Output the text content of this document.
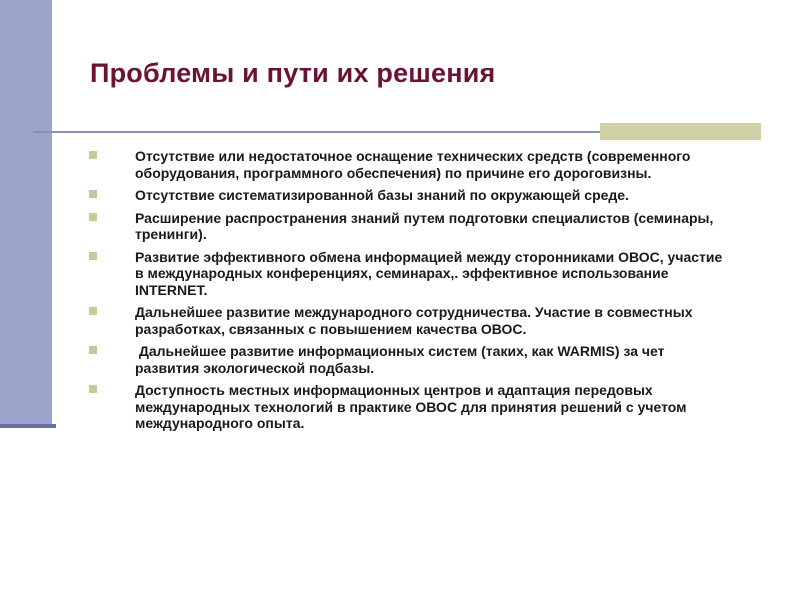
Проблемы и пути их решения
Отсутствие или недостаточное оснащение технических средств (современного оборудования, программного обеспечения) по причине его дороговизны.
Отсутствие систематизированной базы знаний по окружающей среде.
Расширение распространения знаний путем подготовки специалистов (семинары, тренинги).
Развитие эффективного обмена информацией между сторонниками ОВОС, участие в международных конференциях, семинарах,. эффективное использование INTERNET.
Дальнейшее развитие международного сотрудничества. Участие в совместных разработках, связанных с повышением качества ОВОС.
Дальнейшее развитие информационных систем (таких, как WARMIS) за чет развития экологической подбазы.
Доступность местных информационных центров и адаптация передовых международных технологий в практике ОВОС для принятия решений с учетом международного опыта.
